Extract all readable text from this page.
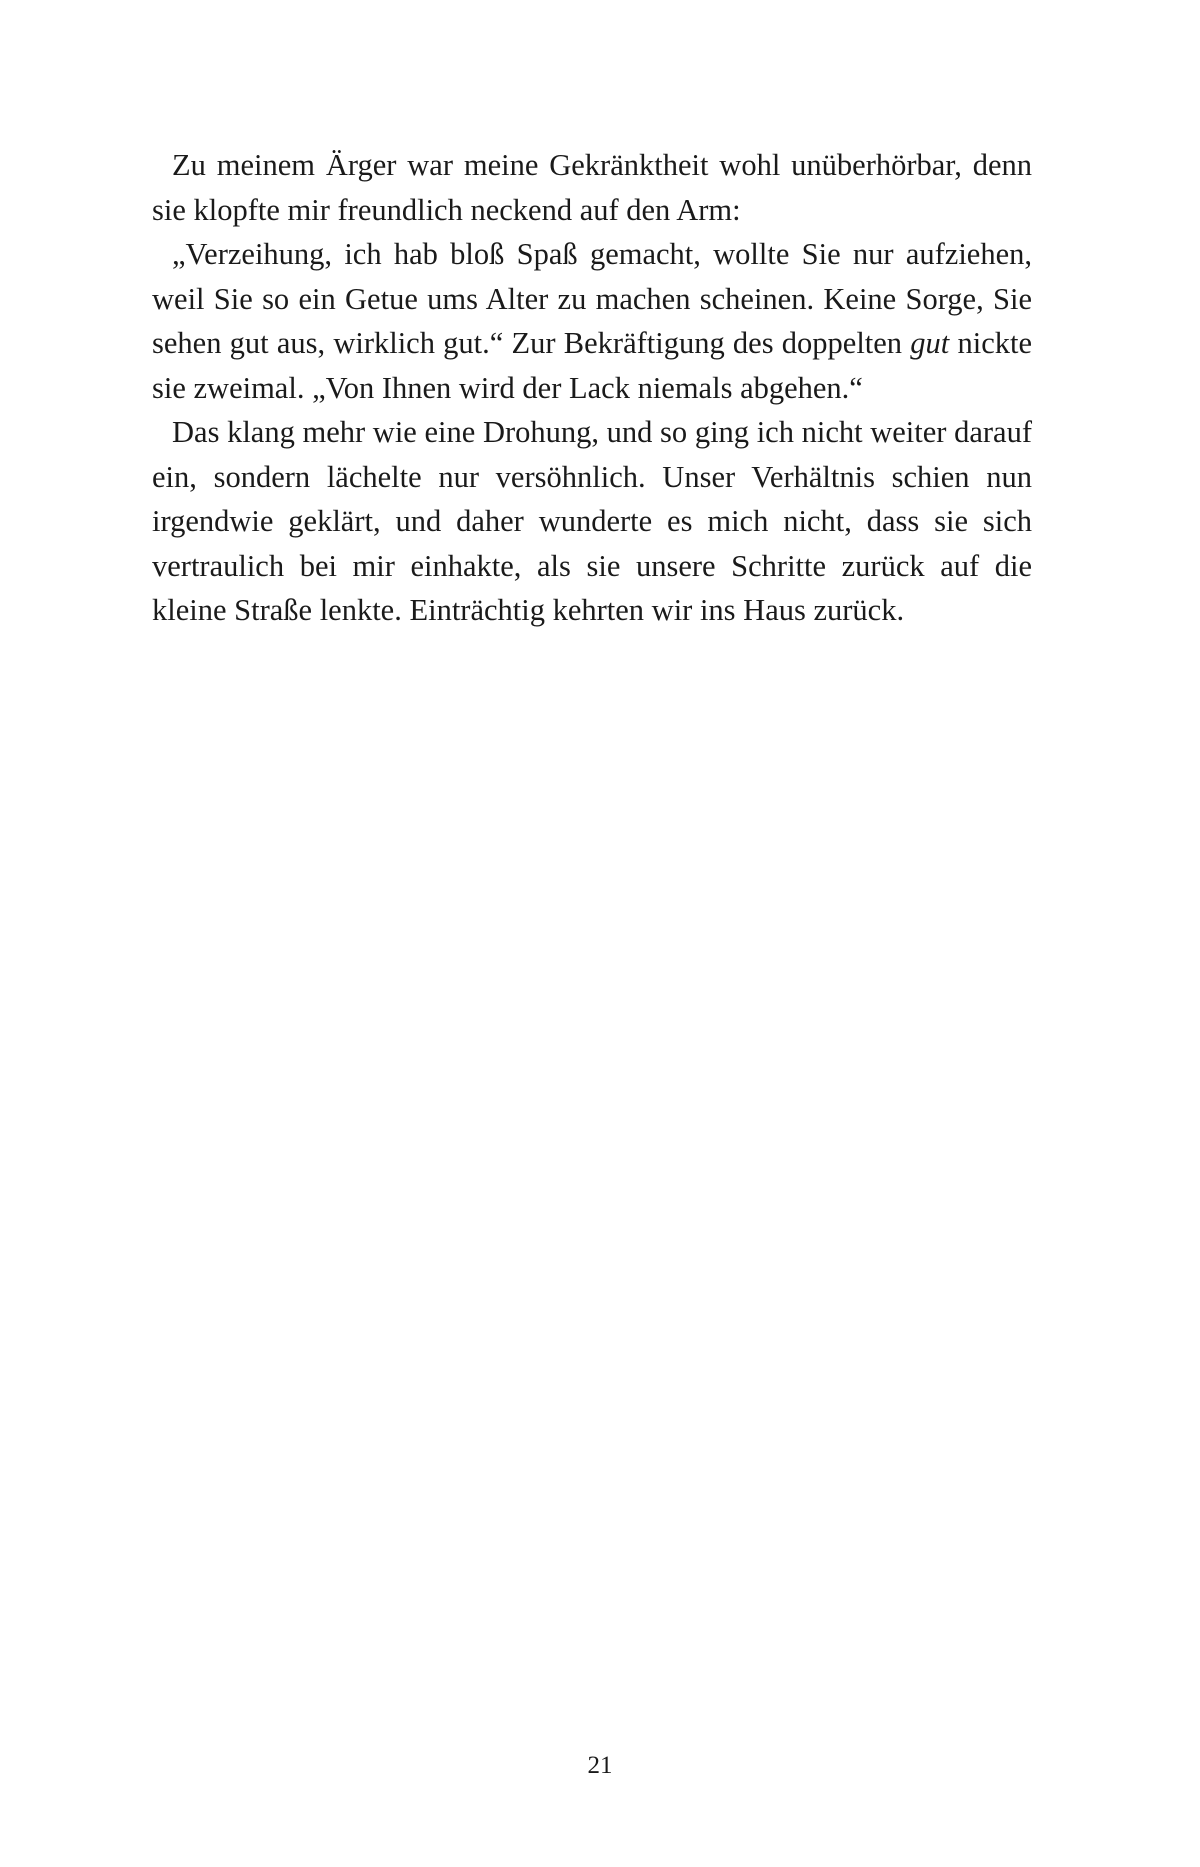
Zu meinem Ärger war meine Gekränktheit wohl unüberhörbar, denn sie klopfte mir freundlich neckend auf den Arm:

„Verzeihung, ich hab bloß Spaß gemacht, wollte Sie nur aufziehen, weil Sie so ein Getue ums Alter zu machen scheinen. Keine Sorge, Sie sehen gut aus, wirklich gut.“ Zur Bekräftigung des doppelten gut nickte sie zweimal. „Von Ihnen wird der Lack niemals abgehen.“

Das klang mehr wie eine Drohung, und so ging ich nicht weiter darauf ein, sondern lächelte nur versöhnlich. Unser Verhältnis schien nun irgendwie geklärt, und daher wunderte es mich nicht, dass sie sich vertraulich bei mir einhakte, als sie unsere Schritte zurück auf die kleine Straße lenkte. Einträchtig kehrten wir ins Haus zurück.

21
